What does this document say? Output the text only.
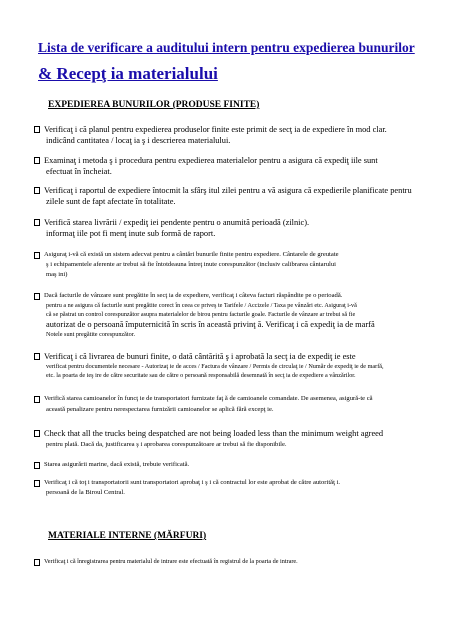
Lista de verificare a auditului intern pentru expedierea bunurilor
& Recepţ ia materialului
EXPEDIEREA BUNURILOR (PRODUSE FINITE)
Verificaţ i că planul pentru expedierea produselor finite este primit de secţ ia de expediere în mod clar.
indicând cantitatea / locaţ ia ş i descrierea materialului.
Examinaţ i metoda ş i procedura pentru expedierea materialelor pentru a asigura că expediţ iile sunt
efectuat în încheiat.
Verificaţ i raportul de expediere întocmit la sfârş itul zilei pentru a vă asigura că expedierile planificate pentru
zilele sunt de fapt afectate în totalitate.
Verifică starea livrării / expediţ iei pendente pentru o anumită perioadă (zilnic).
informaţ iile pot fi menţ inute sub formă de raport.
Asiguraţ i-vă că există un sistem adecvat pentru a cântări bunurile finite pentru expediere. Cântarele de greutate
ş i echipamentele aferente ar trebui să fie întotdeauna întreţ inute corespunzător (inclusiv calibrarea cântarului
maş ini)
Dacă facturile de vânzare sunt pregătite în secţ ia de expediere, verificaţ i câteva facturi răspândite pe o perioadă.
pentru a ne asigura că facturile sunt pregătite corect în ceea ce priveş te Tarifele / Accizele / Taxa pe vânzări etc. Asiguraţ i-vă
că se păstrat un control corespunzător asupra materialelor de birou pentru facturile goale. Facturile de vânzare ar trebui să fie
autorizat de o persoană împuternicită în scris în această privinţ ă. Verificaţ i că expediţ ia de marfă
Notele sunt pregătite corespunzător.
Verificaţ i că livrarea de bunuri finite, o dată cântărită ş i aprobată la secţ ia de expediţ ie este
verificat pentru documentele necesare - Autorizaţ ie de acces / Factura de vânzare / Permis de circulaţ ie / Număr de expediţ ie de marfă,
etc. la poarta de ieş ire de către securitate sau de către o persoană responsabilă desemnată în secţ ia de expediere a vânzărilor.
Verifică starea camioanelor în funcţ ie de transportatori furnizate faţ ă de camioanele comandate. De asemenea, asigură-te că
această penalizare pentru nerespectarea furnizării camioanelor se aplică fără excepţ ie.
Check that all the trucks being despatched are not being loaded less than the minimum weight agreed
pentru plată. Dacă da, justificarea ş i aprobarea corespunzătoare ar trebui să fie disponibile.
Starea asigurării marine, dacă există, trebuie verificată.
Verificaţ i că toţ i transportatorii sunt transportatori aprobaţ i ş i că contractul lor este aprobat de către autorităţ i.
persoană de la Biroul Central.
MATERIALE INTERNE (MĂRFURI)
Verificaţ i că înregistrarea pentru materialul de intrare este efectuată în registrul de la poarta de intrare.
